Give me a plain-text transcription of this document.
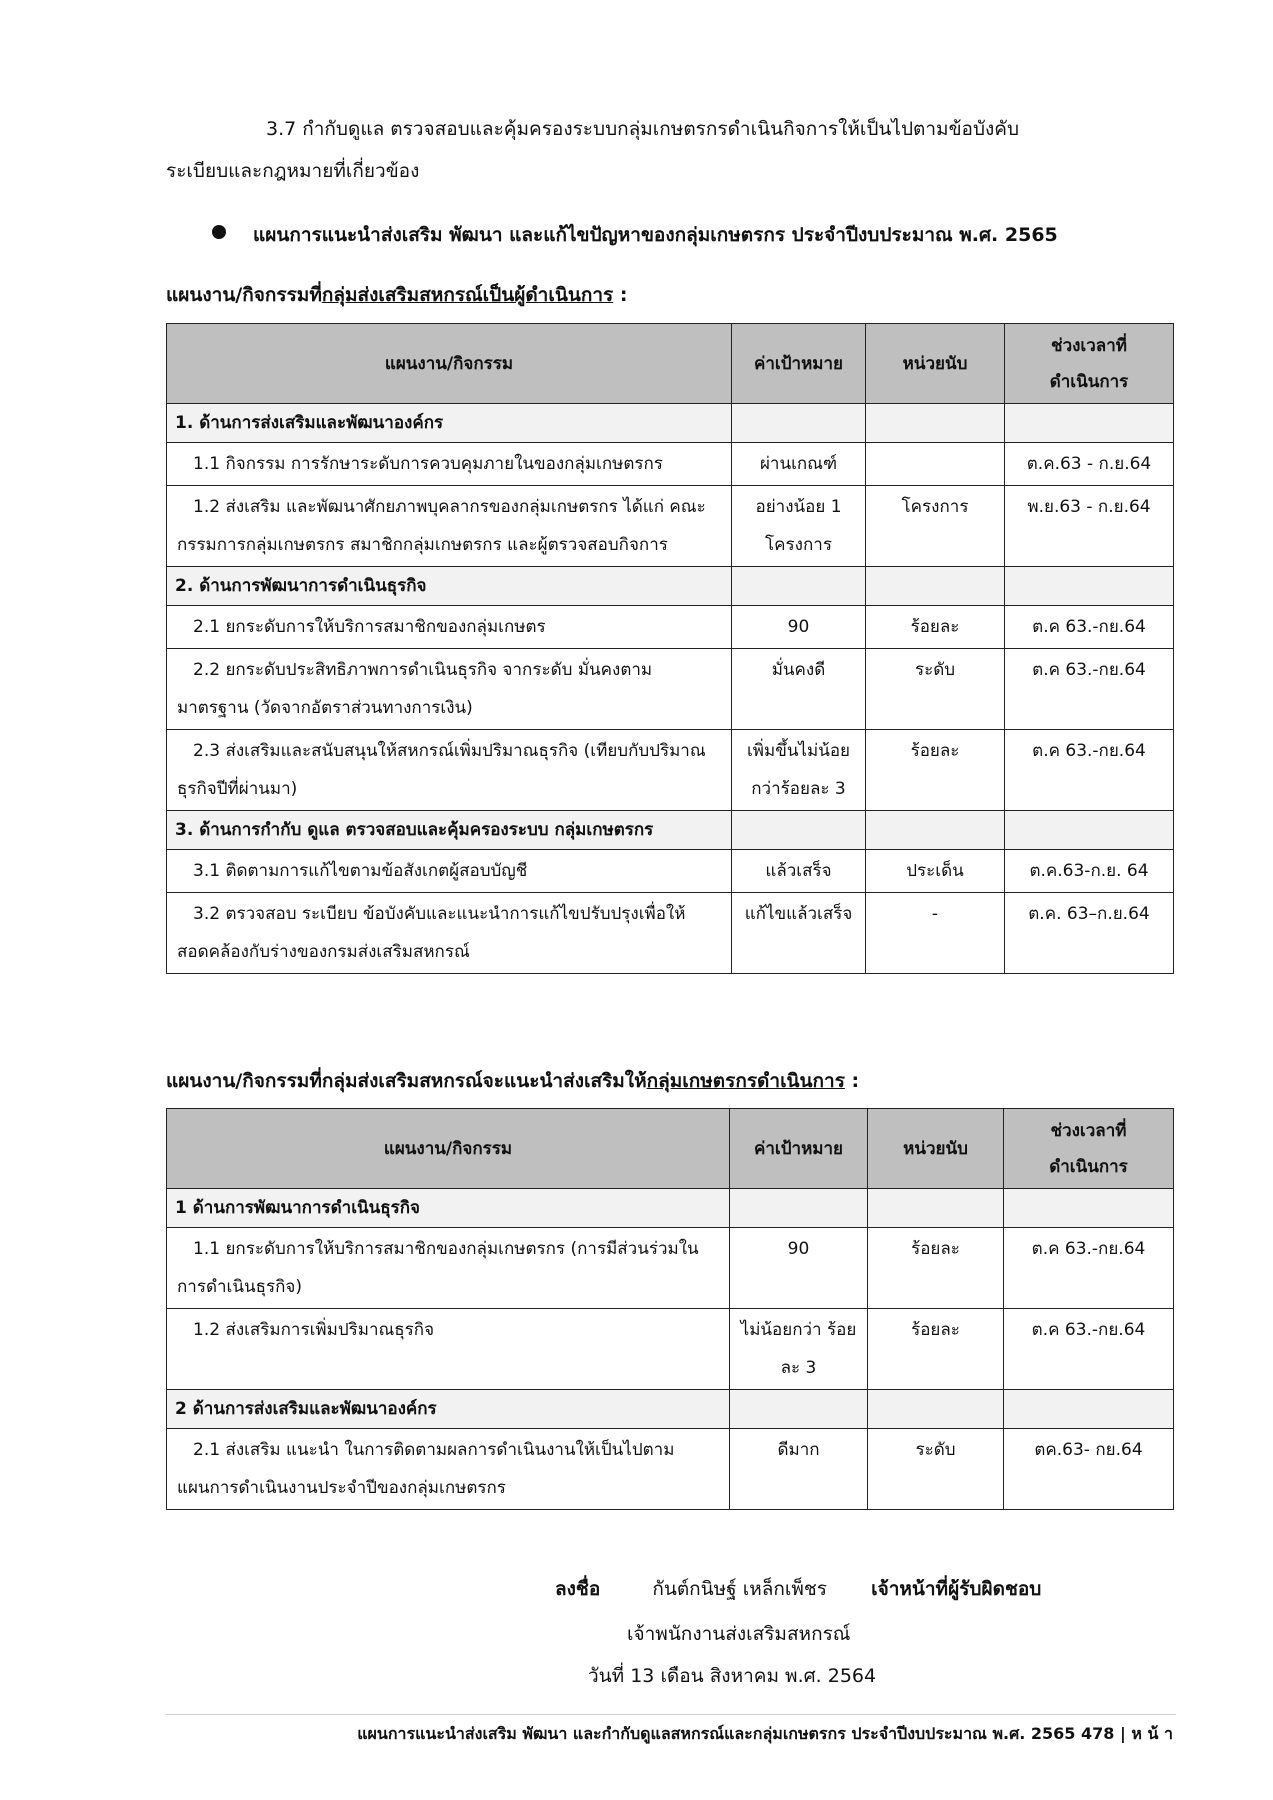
3.7 กำกับดูแล ตรวจสอบและคุ้มครองระบบกลุ่มเกษตรกรดำเนินกิจการให้เป็นไปตามข้อบังคับ
ระเบียบและกฎหมายที่เกี่ยวข้อง
แผนการแนะนำส่งเสริม พัฒนา และแก้ไขปัญหาของกลุ่มเกษตรกร ประจำปีงบประมาณ พ.ศ. 2565
แผนงาน/กิจกรรมที่กลุ่มส่งเสริมสหกรณ์เป็นผู้ดำเนินการ :
แผนงาน/กิจกรรม	ค่าเป้าหมาย	หน่วยนับ	ช่วงเวลาที่ดำเนินการ
1. ด้านการส่งเสริมและพัฒนาองค์กร			
1.1 กิจกรรม การรักษาระดับการควบคุมภายในของกลุ่มเกษตรกร	ผ่านเกณฑ์		ต.ค.63 - ก.ย.64
1.2 ส่งเสริม และพัฒนาศักยภาพบุคลากรของกลุ่มเกษตรกร ได้แก่ คณะกรรมการกลุ่มเกษตรกร สมาชิกกลุ่มเกษตรกร และผู้ตรวจสอบกิจการ	อย่างน้อย 1 โครงการ	โครงการ	พ.ย.63 - ก.ย.64
2. ด้านการพัฒนาการดำเนินธุรกิจ			
2.1 ยกระดับการให้บริการสมาชิกของกลุ่มเกษตร	90	ร้อยละ	ต.ค 63.-กย.64
2.2 ยกระดับประสิทธิภาพการดำเนินธุรกิจ จากระดับ มั่นคงตามมาตรฐาน (วัดจากอัตราส่วนทางการเงิน)	มั่นคงดี	ระดับ	ต.ค 63.-กย.64
2.3 ส่งเสริมและสนับสนุนให้สหกรณ์เพิ่มปริมาณธุรกิจ (เทียบกับปริมาณธุรกิจปีที่ผ่านมา)	เพิ่มขึ้นไม่น้อยกว่าร้อยละ 3	ร้อยละ	ต.ค 63.-กย.64
3. ด้านการกำกับ ดูแล ตรวจสอบและคุ้มครองระบบ กลุ่มเกษตรกร			
3.1 ติดตามการแก้ไขตามข้อสังเกตผู้สอบบัญชี	แล้วเสร็จ	ประเด็น	ต.ค.63-ก.ย. 64
3.2 ตรวจสอบ ระเบียบ ข้อบังคับและแนะนำการแก้ไขปรับปรุงเพื่อให้สอดคล้องกับร่างของกรมส่งเสริมสหกรณ์	แก้ไขแล้วเสร็จ	-	ต.ค. 63–ก.ย.64
แผนงาน/กิจกรรมที่กลุ่มส่งเสริมสหกรณ์จะแนะนำส่งเสริมให้กลุ่มเกษตรกรดำเนินการ :
แผนงาน/กิจกรรม	ค่าเป้าหมาย	หน่วยนับ	ช่วงเวลาที่ดำเนินการ
1 ด้านการพัฒนาการดำเนินธุรกิจ			
1.1 ยกระดับการให้บริการสมาชิกของกลุ่มเกษตรกร (การมีส่วนร่วมในการดำเนินธุรกิจ)	90	ร้อยละ	ต.ค 63.-กย.64
1.2 ส่งเสริมการเพิ่มปริมาณธุรกิจ	ไม่น้อยกว่า ร้อยละ 3	ร้อยละ	ต.ค 63.-กย.64
2 ด้านการส่งเสริมและพัฒนาองค์กร			
2.1 ส่งเสริม แนะนำ ในการติดตามผลการดำเนินงานให้เป็นไปตามแผนการดำเนินงานประจำปีของกลุ่มเกษตรกร	ดีมาก	ระดับ	ตค.63- กย.64
ลงชื่อ	กันต์กนิษฐ์ เหล็กเพ็ชร เจ้าหน้าที่ผู้รับผิดชอบ
เจ้าพนักงานส่งเสริมสหกรณ์
วันที่ 13 เดือน สิงหาคม พ.ศ. 2564
แผนการแนะนำส่งเสริม พัฒนา และกำกับดูแลสหกรณ์และกลุ่มเกษตรกร ประจำปีงบประมาณ พ.ศ. 2565 478 | ห น้ า
